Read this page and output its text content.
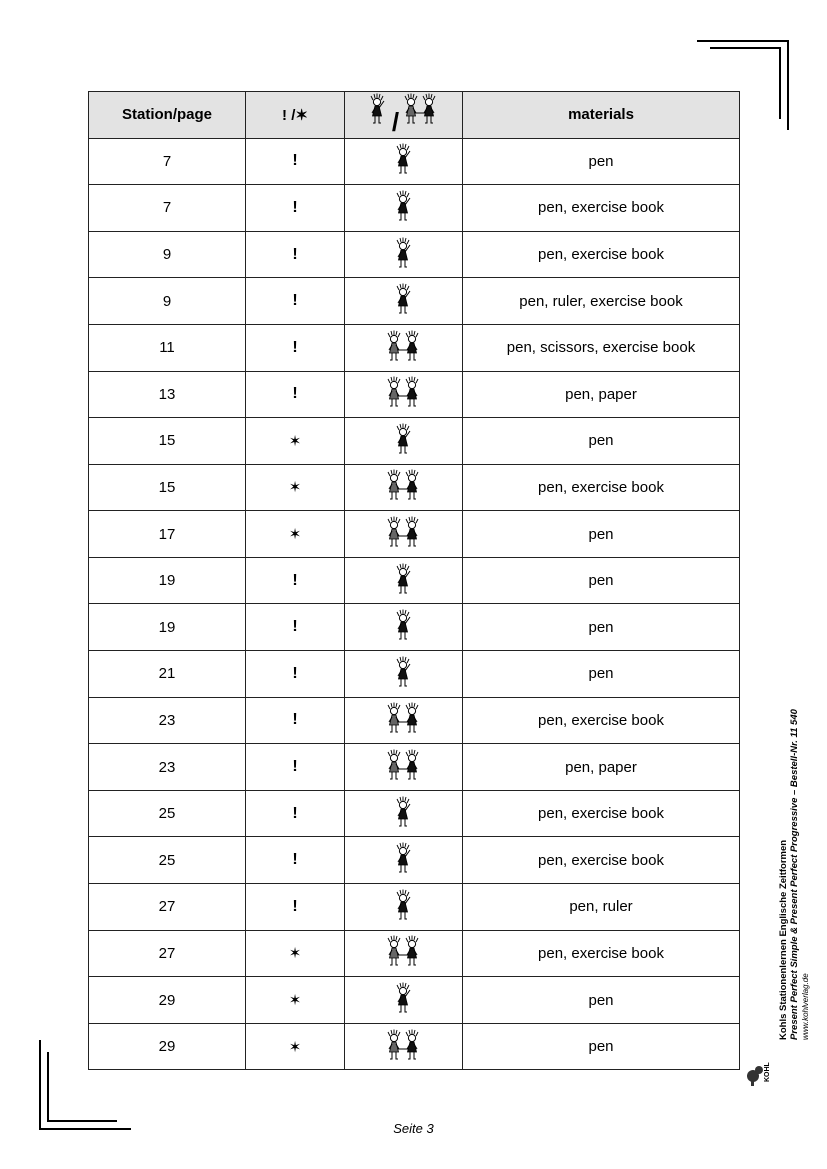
Station/page	! /✶	/	materials
7	!		pen
7	!		pen, exercise book
9	!		pen, exercise book
9	!		pen, ruler, exercise book
11	!		pen, scissors, exercise book
13	!		pen, paper
15	✶		pen
15	✶		pen, exercise book
17	✶		pen
19	!		pen
19	!		pen
21	!		pen
23	!		pen, exercise book
23	!		pen, paper
25	!		pen, exercise book
25	!		pen, exercise book
27	!		pen, ruler
27	✶		pen, exercise book
29	✶		pen
29	✶		pen
Kohls Stationenlernen Englische Zeitformen Present Perfect Simple & Present Perfect Progressive – Bestell-Nr. 11 540 www.kohlverlag.de
KOHL
Seite 3
